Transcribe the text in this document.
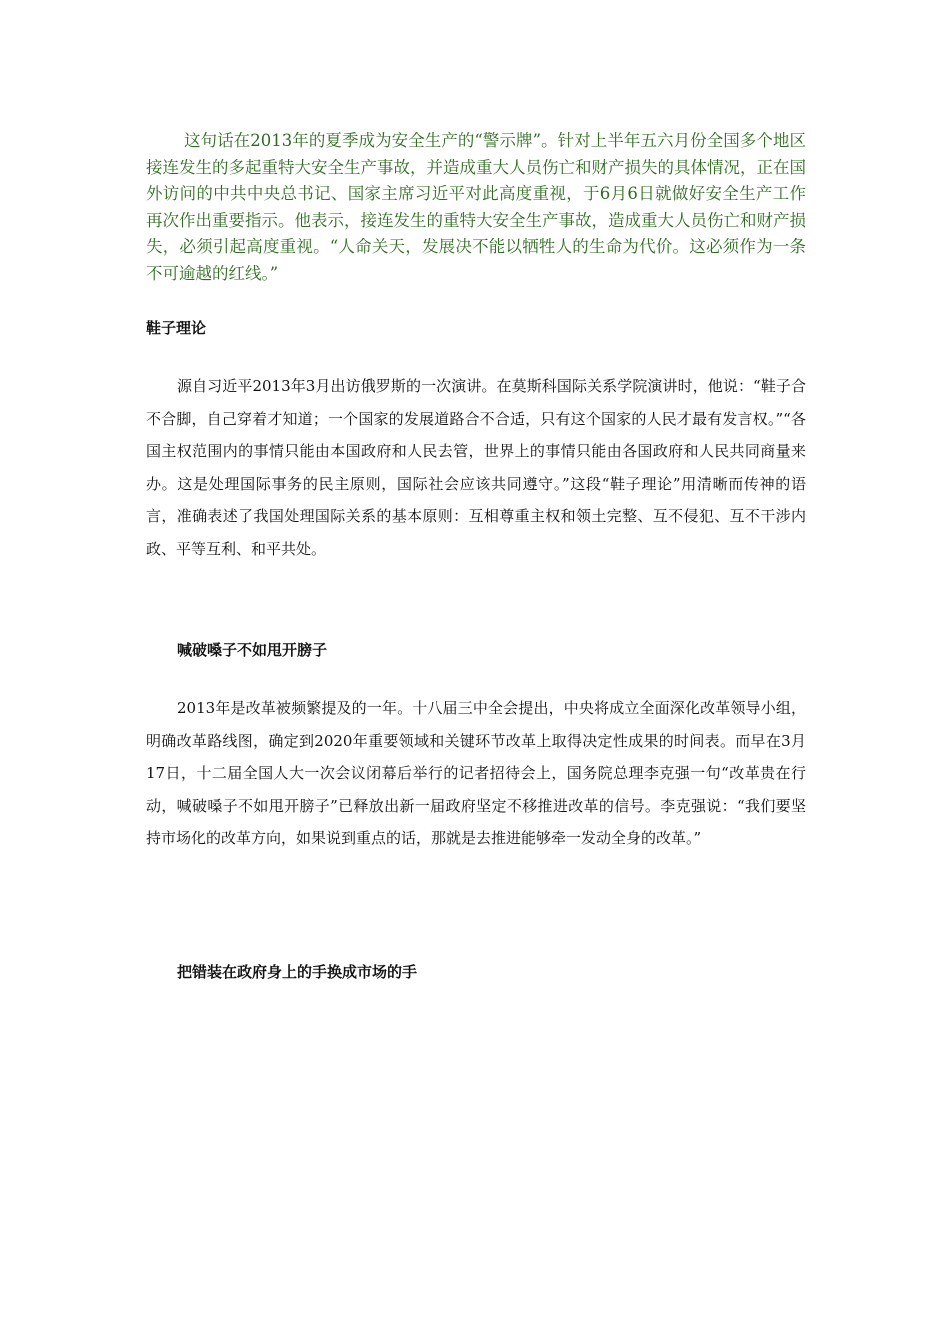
这句话在2013年的夏季成为安全生产的“警示牌”。针对上半年五六月份全国多个地区接连发生的多起重特大安全生产事故，并造成重大人员伤亡和财产损失的具体情况，正在国外访问的中共中央总书记、国家主席习近平对此高度重视，于6月6日就做好安全生产工作再次作出重要指示。他表示，接连发生的重特大安全生产事故，造成重大人员伤亡和财产损失，必须引起高度重视。“人命关天，发展决不能以牺牲人的生命为代价。这必须作为一条不可逾越的红线。”

鞋子理论

源自习近平2013年3月出访俄罗斯的一次演讲。在莫斯科国际关系学院演讲时，他说：“鞋子合不合脚，自己穿着才知道；一个国家的发展道路合不合适，只有这个国家的人民才最有发言权。”“各国主权范围内的事情只能由本国政府和人民去管，世界上的事情只能由各国政府和人民共同商量来办。这是处理国际事务的民主原则，国际社会应该共同遵守。”这段“鞋子理论”用清晰而传神的语言，准确表述了我国处理国际关系的基本原则：互相尊重主权和领土完整、互不侵犯、互不干涉内政、平等互利、和平共处。

喊破嗓子不如甩开膀子

2013年是改革被频繁提及的一年。十八届三中全会提出，中央将成立全面深化改革领导小组，明确改革路线图，确定到2020年重要领域和关键环节改革上取得决定性成果的时间表。而早在3月17日，十二届全国人大一次会议闭幕后举行的记者招待会上，国务院总理李克强一句“改革贵在行动，喊破嗓子不如甩开膀子”已释放出新一届政府坚定不移推进改革的信号。李克强说：“我们要坚持市场化的改革方向，如果说到重点的话，那就是去推进能够牵一发动全身的改革。”

把错装在政府身上的手换成市场的手
